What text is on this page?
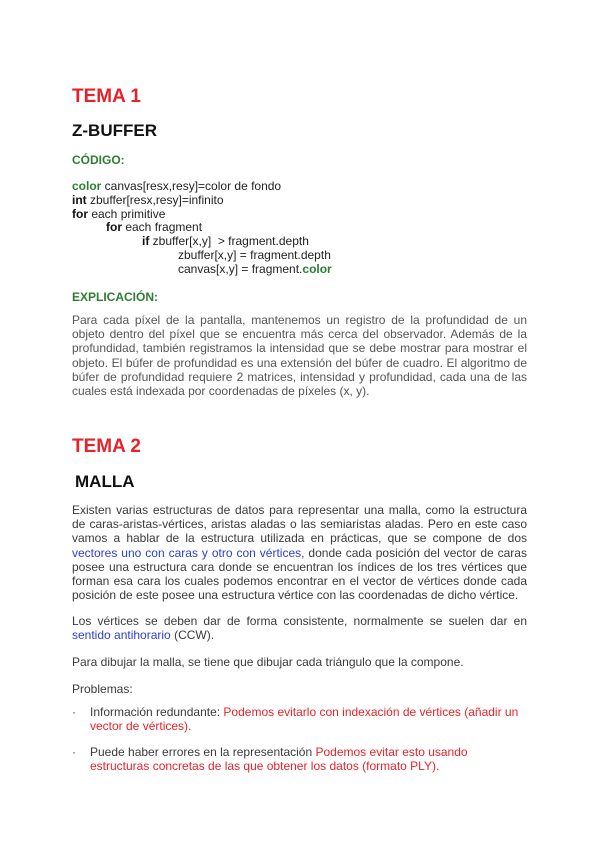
TEMA 1
Z-BUFFER
CÓDIGO:
color canvas[resx,resy]=color de fondo
int zbuffer[resx,resy]=infinito
for each primitive
for each fragment
if zbuffer[x,y]  > fragment.depth
zbuffer[x,y] = fragment.depth
canvas[x,y] = fragment.color
EXPLICACIÓN:

Para cada píxel de la pantalla, mantenemos un registro de la profundidad de un objeto dentro del píxel que se encuentra más cerca del observador. Además de la profundidad, también registramos la intensidad que se debe mostrar para mostrar el objeto. El búfer de profundidad es una extensión del búfer de cuadro. El algoritmo de búfer de profundidad requiere 2 matrices, intensidad y profundidad, cada una de las cuales está indexada por coordenadas de píxeles (x, y).

TEMA 2
MALLA

Existen varias estructuras de datos para representar una malla, como la estructura de caras-aristas-vértices, aristas aladas o las semiaristas aladas. Pero en este caso vamos a hablar de la estructura utilizada en prácticas, que se compone de dos vectores uno con caras y otro con vértices, donde cada posición del vector de caras posee una estructura cara donde se encuentran los índices de los tres vértices que forman esa cara los cuales podemos encontrar en el vector de vértices donde cada posición de este posee una estructura vértice con las coordenadas de dicho vértice.

Los vértices se deben dar de forma consistente, normalmente se suelen dar en sentido antihorario (CCW).

Para dibujar la malla, se tiene que dibujar cada triángulo que la compone.

Problemas:

· Información redundante: Podemos evitarlo con indexación de vértices (añadir un vector de vértices).
· Puede haber errores en la representación Podemos evitar esto usando estructuras concretas de las que obtener los datos (formato PLY).
